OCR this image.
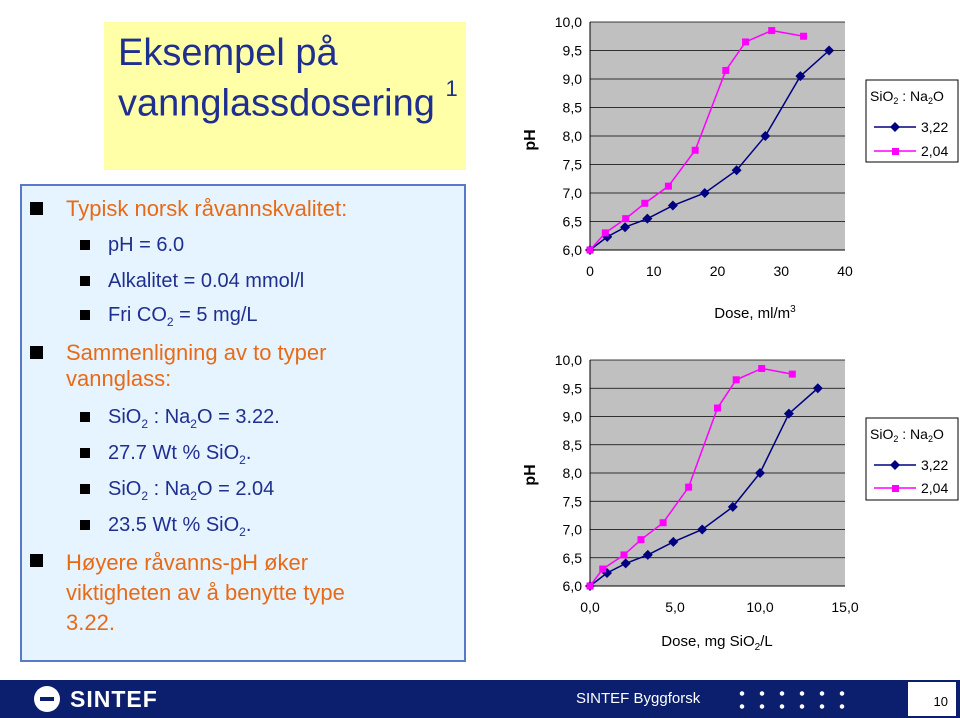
Eksempel på
vannglassdosering $^1$
Typisk norsk råvannskvalitet:
pH = 6.0
Alkalitet = 0.04 mmol/l
Fri $CO_2 = 5$ mg/L
Sammenligning av to typer
vannglass:
SiO$_2$ : $Na_2O = 3.22$.
27.7 Wt % SiO$_2$.
SiO$_2$ : $Na_2O = 2.04$
23.5 Wt % SiO$_2$.
Høyere råvanns-pH øker
viktigheten av å benytte type
3.22.
6,0
6,5
7,0
7,5
8,0
8,5
9,0
9,5
10,0
0	10	20	30	40
pH
Dose, $ml/m^3$
SiO$_2$ : $Na_2O$
3,22
2,04
6,0
6,5
7,0
7,5
8,0
8,5
9,0
9,5
10,0
0,0	5,0	10,0	15,0
pH
Dose, mg SiO$_2$/L
SiO$_2$ : $Na_2O$
3,22
2,04
SINTEF	SINTEF Byggforsk	10
